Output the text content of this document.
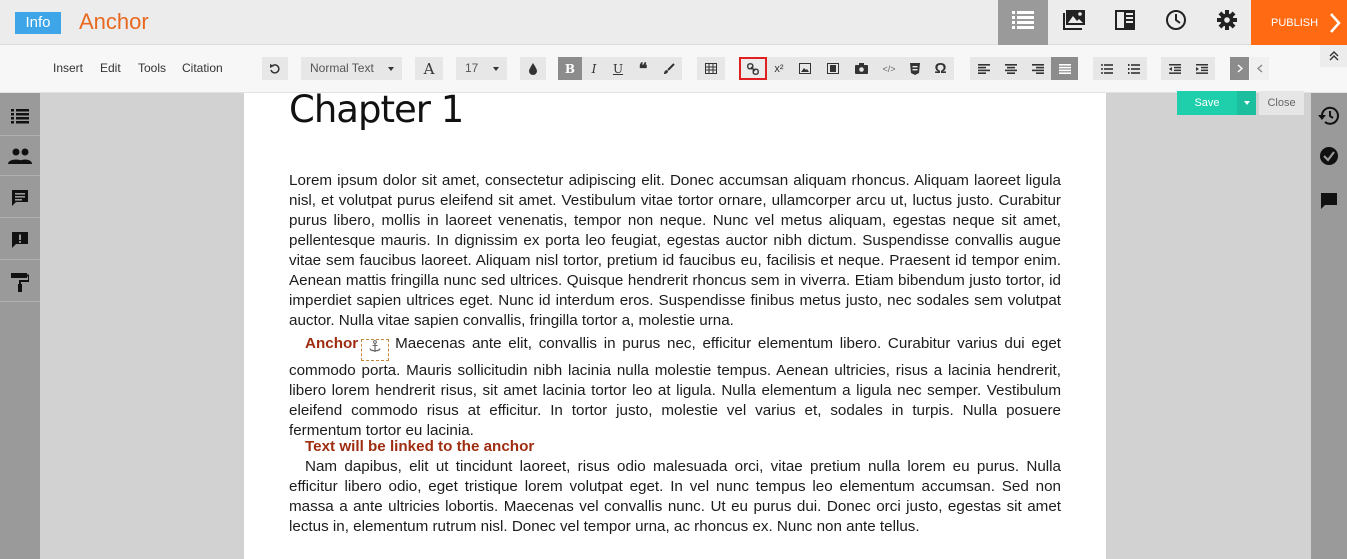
Info	Anchor	PUBLISH
Insert Edit Tools Citation	Normal Text	A	17	B I U ❝	x²	</>	Ω
Chapter 1

Lorem ipsum dolor sit amet, consectetur adipiscing elit. Donec accumsan aliquam rhoncus. Aliquam laoreet ligula nisl, et volutpat purus eleifend sit amet. Vestibulum vitae tortor ornare, ullamcorper arcu ut, luctus justo. Curabitur purus libero, mollis in laoreet venenatis, tempor non neque. Nunc vel metus aliquam, egestas neque sit amet, pellentesque mauris. In dignissim ex porta leo feugiat, egestas auctor nibh dictum. Suspendisse convallis augue vitae sem faucibus laoreet. Aliquam nisl tortor, pretium id faucibus eu, facilisis et neque. Praesent id tempor enim. Aenean mattis fringilla nunc sed ultrices. Quisque hendrerit rhoncus sem in viverra. Etiam bibendum justo tortor, id imperdiet sapien ultrices eget. Nunc id interdum eros. Suspendisse finibus metus justo, nec sodales sem volutpat auctor. Nulla vitae sapien convallis, fringilla tortor a, molestie urna.

Anchor Maecenas ante elit, convallis in purus nec, efficitur elementum libero. Curabitur varius dui eget commodo porta. Mauris sollicitudin nibh lacinia nulla molestie tempus. Aenean ultricies, risus a lacinia hendrerit, libero lorem hendrerit risus, sit amet lacinia tortor leo at ligula. Nulla elementum a ligula nec semper. Vestibulum eleifend commodo risus at efficitur. In tortor justo, molestie vel varius et, sodales in turpis. Nulla posuere fermentum tortor eu lacinia.

Text will be linked to the anchor

Nam dapibus, elit ut tincidunt laoreet, risus odio malesuada orci, vitae pretium nulla lorem eu purus. Nulla efficitur libero odio, eget tristique lorem volutpat eget. In vel nunc tempus leo elementum accumsan. Sed non massa a ante ultricies lobortis. Maecenas vel convallis nunc. Ut eu purus dui. Donec orci justo, egestas sit amet lectus in, elementum rutrum nisl. Donec vel tempor urna, ac rhoncus ex. Nunc non ante tellus.

Save	Close
